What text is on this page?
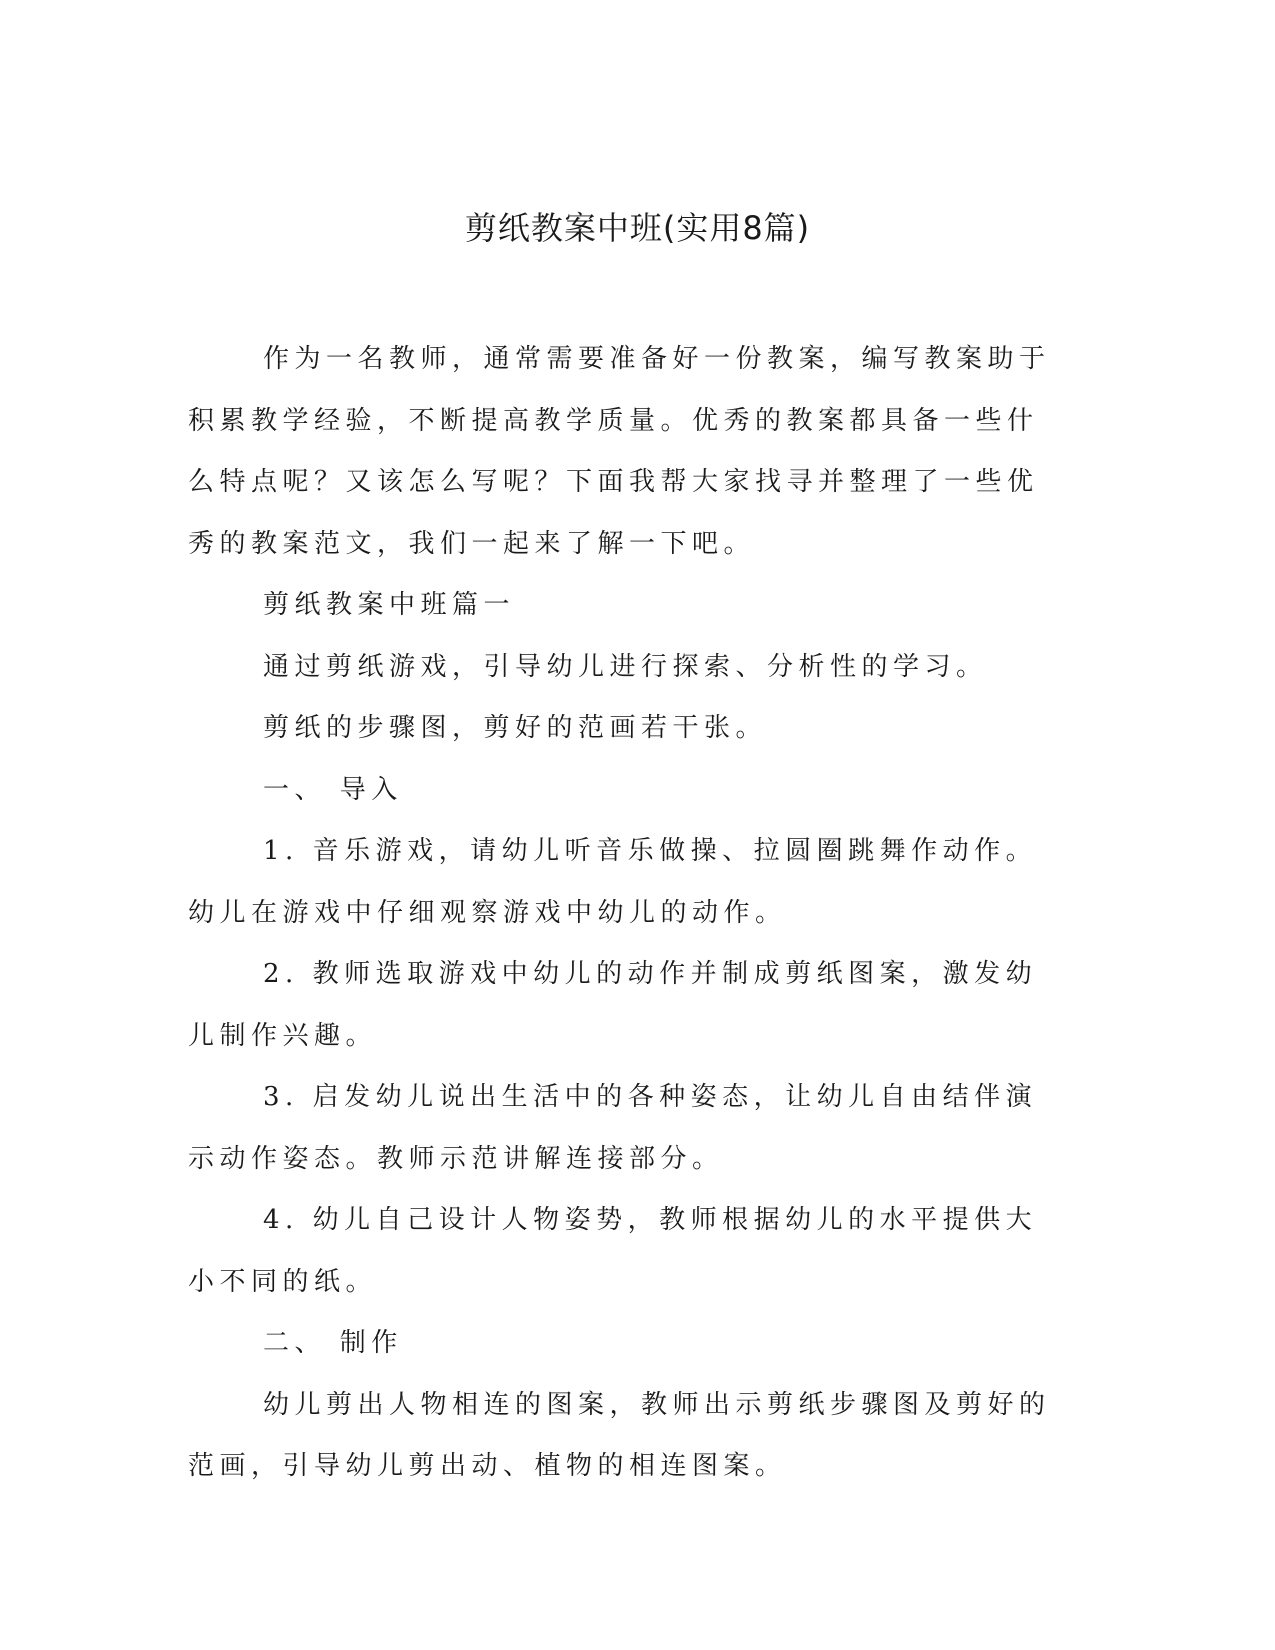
剪纸教案中班(实用8篇)

作为一名教师，通常需要准备好一份教案，编写教案助于积累教学经验，不断提高教学质量。优秀的教案都具备一些什么特点呢？又该怎么写呢？下面我帮大家找寻并整理了一些优秀的教案范文，我们一起来了解一下吧。

剪纸教案中班篇一

通过剪纸游戏，引导幼儿进行探索、分析性的学习。

剪纸的步骤图，剪好的范画若干张。

一、 导入

1. 音乐游戏，请幼儿听音乐做操、拉圆圈跳舞作动作。幼儿在游戏中仔细观察游戏中幼儿的动作。

2. 教师选取游戏中幼儿的动作并制成剪纸图案，激发幼儿制作兴趣。

3. 启发幼儿说出生活中的各种姿态，让幼儿自由结伴演示动作姿态。教师示范讲解连接部分。

4. 幼儿自己设计人物姿势，教师根据幼儿的水平提供大小不同的纸。

二、 制作

幼儿剪出人物相连的图案，教师出示剪纸步骤图及剪好的范画，引导幼儿剪出动、植物的相连图案。
